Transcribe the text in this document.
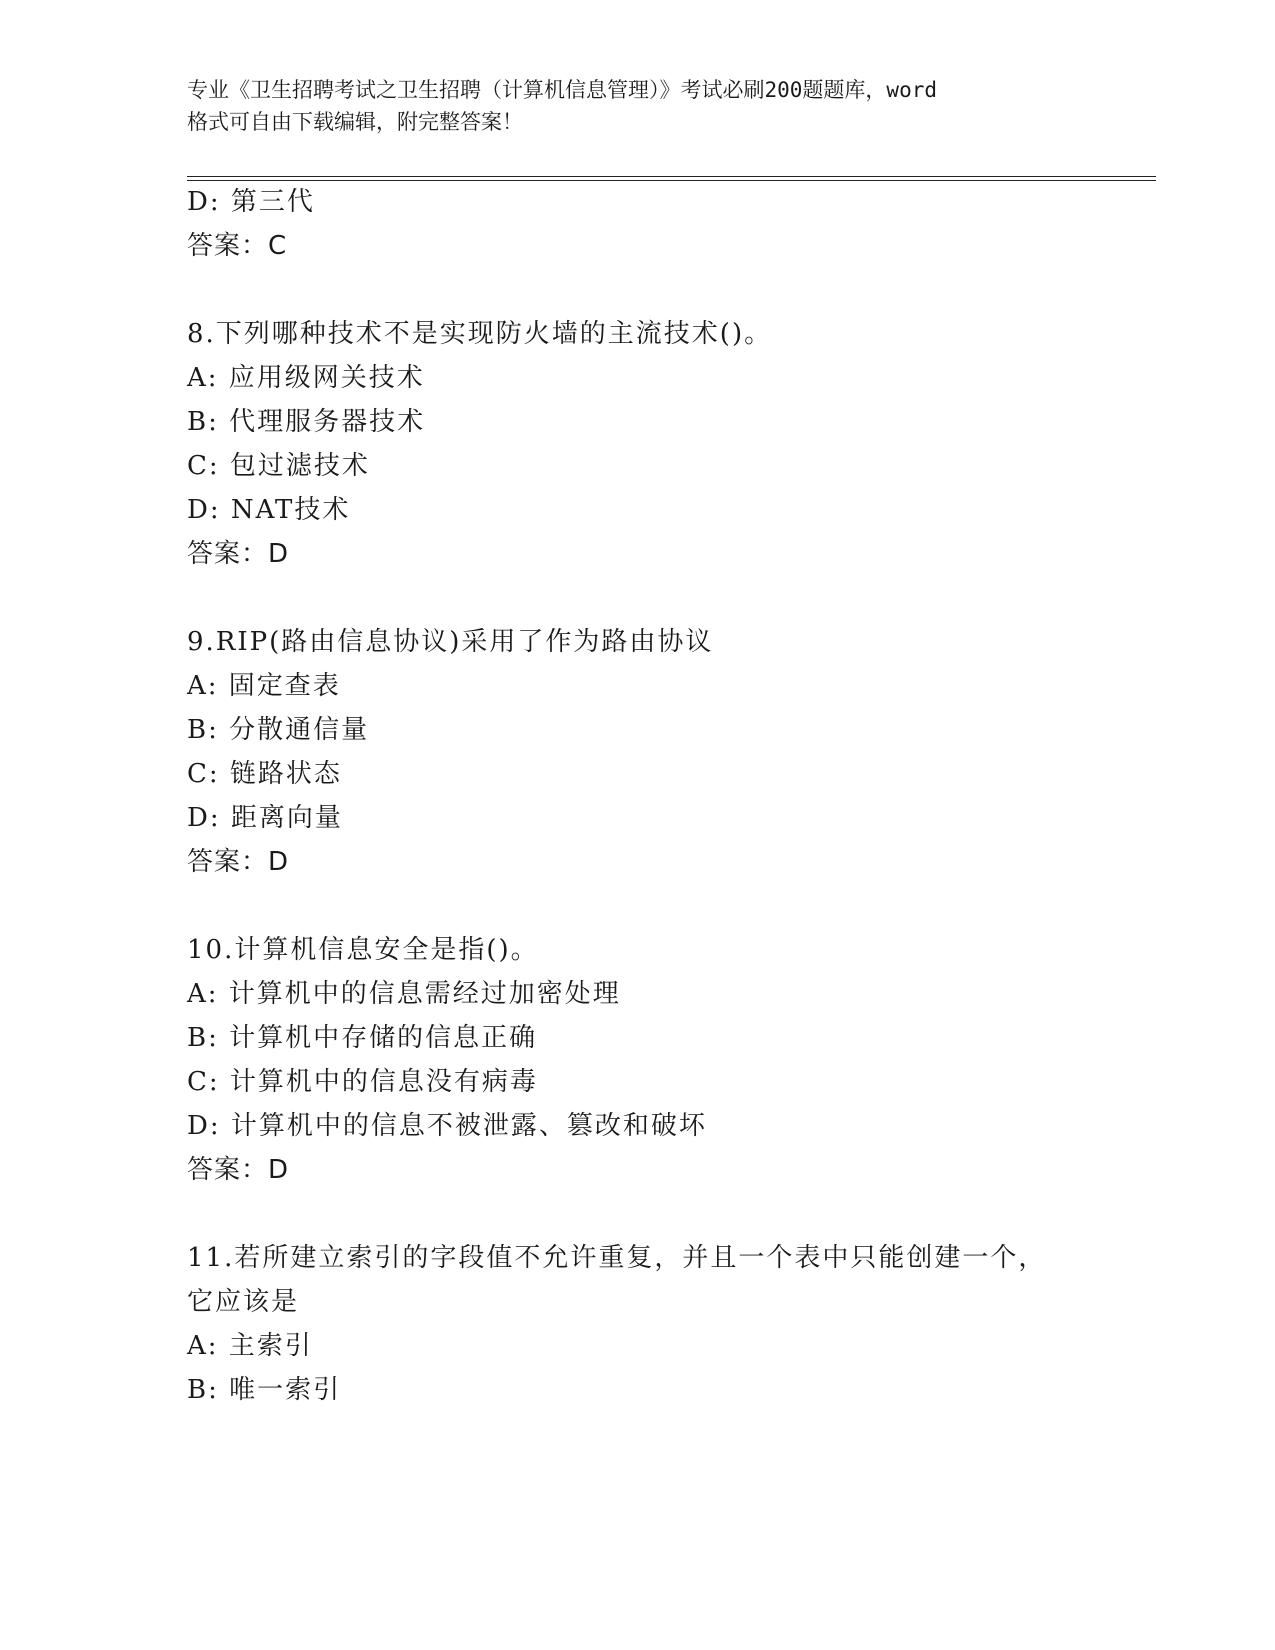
专业《卫生招聘考试之卫生招聘（计算机信息管理）》考试必刷200题题库，word
格式可自由下载编辑，附完整答案！
D: 第三代
答案：C
8.下列哪种技术不是实现防火墙的主流技术()。
A: 应用级网关技术
B: 代理服务器技术
C: 包过滤技术
D: NAT技术
答案：D
9.RIP(路由信息协议)采用了作为路由协议
A: 固定查表
B: 分散通信量
C: 链路状态
D: 距离向量
答案：D
10.计算机信息安全是指()。
A: 计算机中的信息需经过加密处理
B: 计算机中存储的信息正确
C: 计算机中的信息没有病毒
D: 计算机中的信息不被泄露、篡改和破坏
答案：D
11.若所建立索引的字段值不允许重复，并且一个表中只能创建一个，
它应该是
A: 主索引
B: 唯一索引
